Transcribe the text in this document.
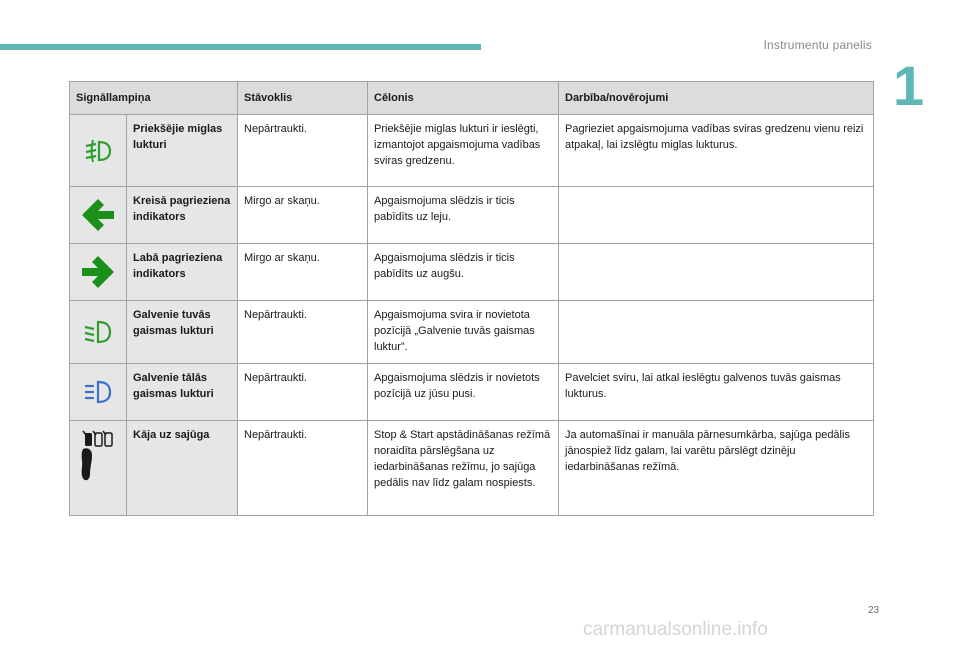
Instrumentu panelis
1
Signāllampiņa		Stāvoklis	Cēlonis	Darbība/novērojumi

	Priekšējie miglas lukturi	Nepārtraukti.	Priekšējie miglas lukturi ir ieslēgti, izmantojot apgaismojuma vadības sviras gredzenu.	Pagrieziet apgaismojuma vadības sviras gredzenu vienu reizi atpakaļ, lai izslēgtu miglas lukturus.

	Kreisā pagrieziena indikators	Mirgo ar skaņu.	Apgaismojuma slēdzis ir ticis pabīdīts uz leju.	

	Labā pagrieziena indikators	Mirgo ar skaņu.	Apgaismojuma slēdzis ir ticis pabīdīts uz augšu.	

	Galvenie tuvās gaismas lukturi	Nepārtraukti.	Apgaismojuma svira ir novietota pozīcijā „Galvenie tuvās gaismas luktur”.	

	Galvenie tālās gaismas lukturi	Nepārtraukti.	Apgaismojuma slēdzis ir novietots pozīcijā uz jūsu pusi.	Pavelciet sviru, lai atkal ieslēgtu galvenos tuvās gaismas lukturus.

	Kāja uz sajūga	Nepārtraukti.	Stop & Start apstādināšanas režīmā noraidīta pārslēgšana uz iedarbināšanas režīmu, jo sajūga pedālis nav līdz galam nospiests.	Ja automašīnai ir manuāla pārnesumkārba, sajūga pedālis jānospiež līdz galam, lai varētu pārslēgt dzinēju iedarbināšanas režīmā.
23
carmanualsonline.info
